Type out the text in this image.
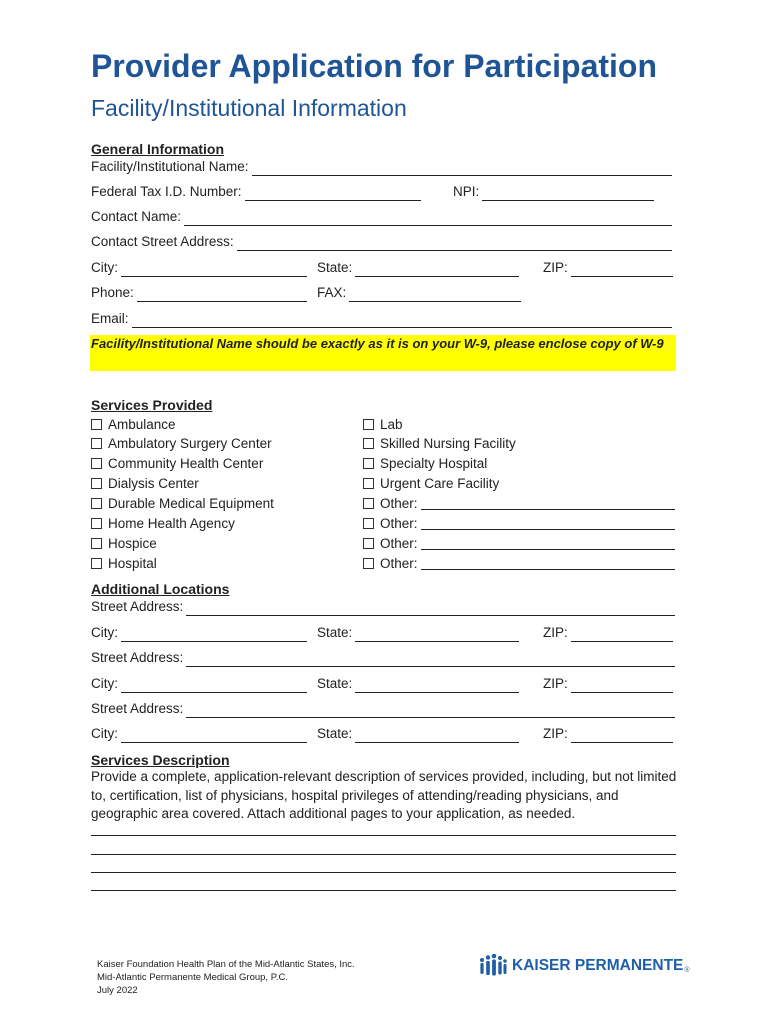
Provider Application for Participation
Facility/Institutional Information
General Information
Facility/Institutional Name:
Federal Tax I.D. Number:	NPI:
Contact Name:
Contact Street Address:
City:	State:	ZIP:
Phone:	FAX:
Email:
Facility/Institutional Name should be exactly as it is on your W-9, please enclose copy of W-9
Services Provided
Ambulance
Ambulatory Surgery Center
Community Health Center
Dialysis Center
Durable Medical Equipment
Home Health Agency
Hospice
Hospital
Lab
Skilled Nursing Facility
Specialty Hospital
Urgent Care Facility
Other:
Other:
Other:
Other:
Additional Locations
Street Address:
City:	State:	ZIP:
Street Address:
City:	State:	ZIP:
Street Address:
City:	State:	ZIP:
Services Description
Provide a complete, application-relevant description of services provided, including, but not limited to, certification, list of physicians, hospital privileges of attending/reading physicians, and geographic area covered. Attach additional pages to your application, as needed.
Kaiser Foundation Health Plan of the Mid-Atlantic States, Inc.
Mid-Atlantic Permanente Medical Group, P.C.
July 2022
KAISER PERMANENTE ®
